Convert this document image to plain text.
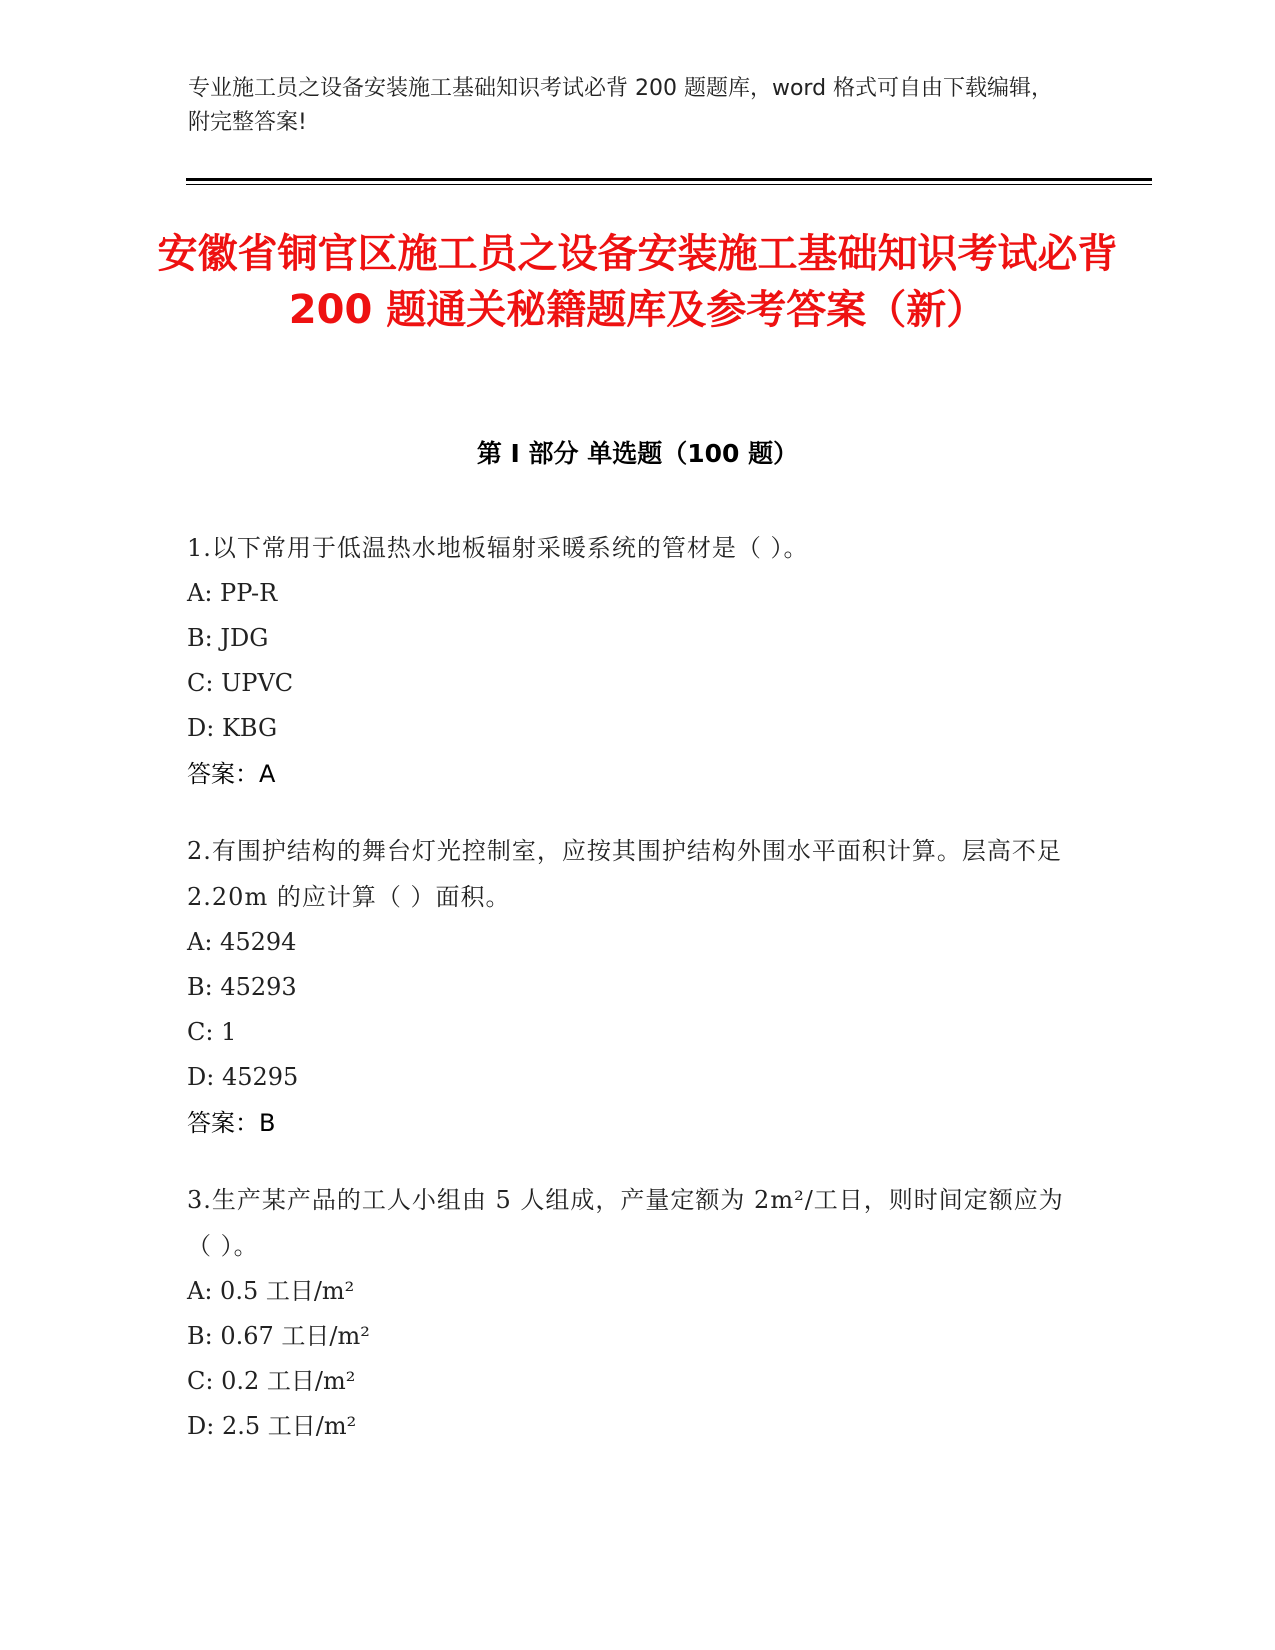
专业施工员之设备安装施工基础知识考试必背 200 题题库，word 格式可自由下载编辑，附完整答案!

安徽省铜官区施工员之设备安装施工基础知识考试必背 200 题通关秘籍题库及参考答案（新）
第 I 部分 单选题（100 题）

1.以下常用于低温热水地板辐射采暖系统的管材是（ ）。

A: PP-R

B: JDG

C: UPVC

D: KBG

答案：A

2.有围护结构的舞台灯光控制室，应按其围护结构外围水平面积计算。层高不足 2.20m 的应计算（ ）面积。

A: 45294

B: 45293

C: 1

D: 45295

答案：B

3.生产某产品的工人小组由 5 人组成，产量定额为 2m²/工日，则时间定额应为（ ）。

A: 0.5 工日/m²

B: 0.67 工日/m²

C: 0.2 工日/m²

D: 2.5 工日/m²
